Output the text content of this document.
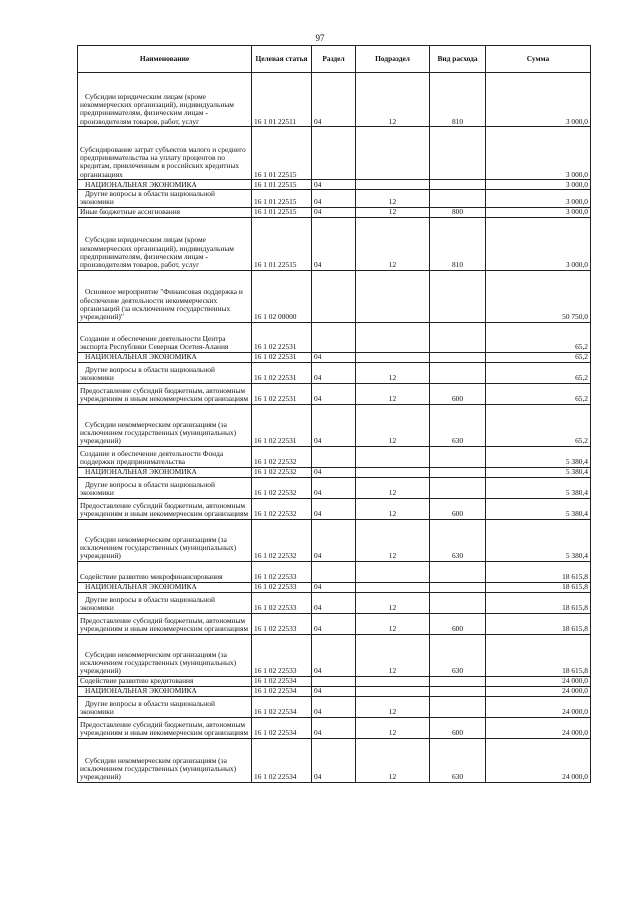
97
Наименование	Целевая статья	Раздел	Подраздел	Вид расхода	Сумма
Субсидии юридическим лицам (кроме некоммерческих организаций), индивидуальным предпринимателям, физическим лицам - производителям товаров, работ, услуг	16 1 01 22511	04	12	810	3 000,0
Субсидирование затрат субъектов малого и среднего предпринимательства на уплату процентов по кредитам, привлеченным в российских кредитных организациях	16 1 01 22515				3 000,0
НАЦИОНАЛЬНАЯ ЭКОНОМИКА	16 1 01 22515	04			3 000,0
Другие вопросы в области национальной экономики	16 1 01 22515	04	12		3 000,0
Иные бюджетные ассигнования	16 1 01 22515	04	12	800	3 000,0
Субсидии юридическим лицам (кроме некоммерческих организаций), индивидуальным предпринимателям, физическим лицам - производителям товаров, работ, услуг	16 1 01 22515	04	12	810	3 000,0
Основное мероприятие "Финансовая поддержка и обеспечение деятельности некоммерческих организаций (за исключением государственных учреждений)"	16 1 02 00000				50 750,0
Создание и обеспечение деятельности Центра экспорта Республики Северная Осетия-Алания	16 1 02 22531				65,2
НАЦИОНАЛЬНАЯ ЭКОНОМИКА	16 1 02 22531	04			65,2
Другие вопросы в области национальной экономики	16 1 02 22531	04	12		65,2
Предоставление субсидий бюджетным, автономным учреждениям и иным некоммерческим организациям	16 1 02 22531	04	12	600	65,2
Субсидии некоммерческим организациям (за исключением государственных (муниципальных) учреждений)	16 1 02 22531	04	12	630	65,2
Создание и обеспечение деятельности Фонда поддержки предпринимательства	16 1 02 22532				5 380,4
НАЦИОНАЛЬНАЯ ЭКОНОМИКА	16 1 02 22532	04			5 380,4
Другие вопросы в области национальной экономики	16 1 02 22532	04	12		5 380,4
Предоставление субсидий бюджетным, автономным учреждениям и иным некоммерческим организациям	16 1 02 22532	04	12	600	5 380,4
Субсидии некоммерческим организациям (за исключением государственных (муниципальных) учреждений)	16 1 02 22532	04	12	630	5 380,4
Содействие развитию микрофинансирования	16 1 02 22533				18 615,8
НАЦИОНАЛЬНАЯ ЭКОНОМИКА	16 1 02 22533	04			18 615,8
Другие вопросы в области национальной экономики	16 1 02 22533	04	12		18 615,8
Предоставление субсидий бюджетным, автономным учреждениям и иным некоммерческим организациям	16 1 02 22533	04	12	600	18 615,8
Субсидии некоммерческим организациям (за исключением государственных (муниципальных) учреждений)	16 1 02 22533	04	12	630	18 615,8
Содействие развитию кредитования	16 1 02 22534				24 000,0
НАЦИОНАЛЬНАЯ ЭКОНОМИКА	16 1 02 22534	04			24 000,0
Другие вопросы в области национальной экономики	16 1 02 22534	04	12		24 000,0
Предоставление субсидий бюджетным, автономным учреждениям и иным некоммерческим организациям	16 1 02 22534	04	12	600	24 000,0
Субсидии некоммерческим организациям (за исключением государственных (муниципальных) учреждений)	16 1 02 22534	04	12	630	24 000,0
